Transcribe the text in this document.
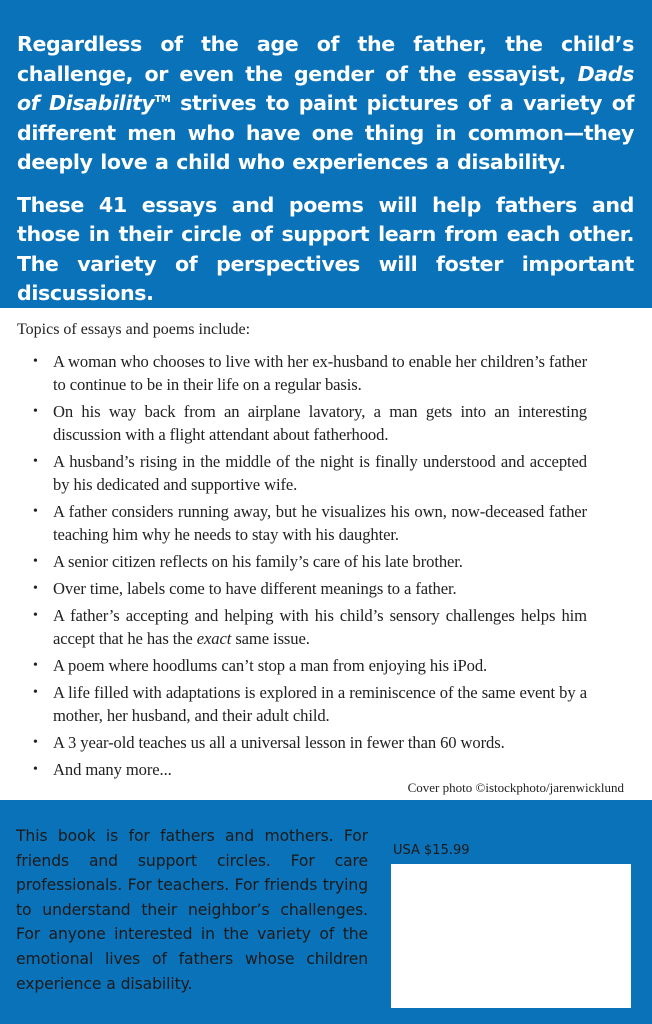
Regardless of the age of the father, the child’s challenge, or even the gender of the essayist, Dads of Disability™ strives to paint pictures of a variety of different men who have one thing in common—they deeply love a child who experiences a disability.

These 41 essays and poems will help fathers and those in their circle of support learn from each other. The variety of perspectives will foster important discussions.

Topics of essays and poems include:
• A woman who chooses to live with her ex-husband to enable her children’s father to continue to be in their life on a regular basis.
• On his way back from an airplane lavatory, a man gets into an interesting discussion with a flight attendant about fatherhood.
• A husband’s rising in the middle of the night is finally understood and accepted by his dedicated and supportive wife.
• A father considers running away, but he visualizes his own, now-deceased father teaching him why he needs to stay with his daughter.
• A senior citizen reflects on his family’s care of his late brother.
• Over time, labels come to have different meanings to a father.
• A father’s accepting and helping with his child’s sensory challenges helps him accept that he has the exact same issue.
• A poem where hoodlums can’t stop a man from enjoying his iPod.
• A life filled with adaptations is explored in a reminiscence of the same event by a mother, her husband, and their adult child.
• A 3 year-old teaches us all a universal lesson in fewer than 60 words.
• And many more...
Cover photo ©istockphoto/jarenwicklund
This book is for fathers and mothers. For friends and support circles. For care professionals. For teachers. For friends trying to understand their neighbor’s challenges. For anyone interested in the variety of the emotional lives of fathers whose children experience a disability.
USA $15.99
